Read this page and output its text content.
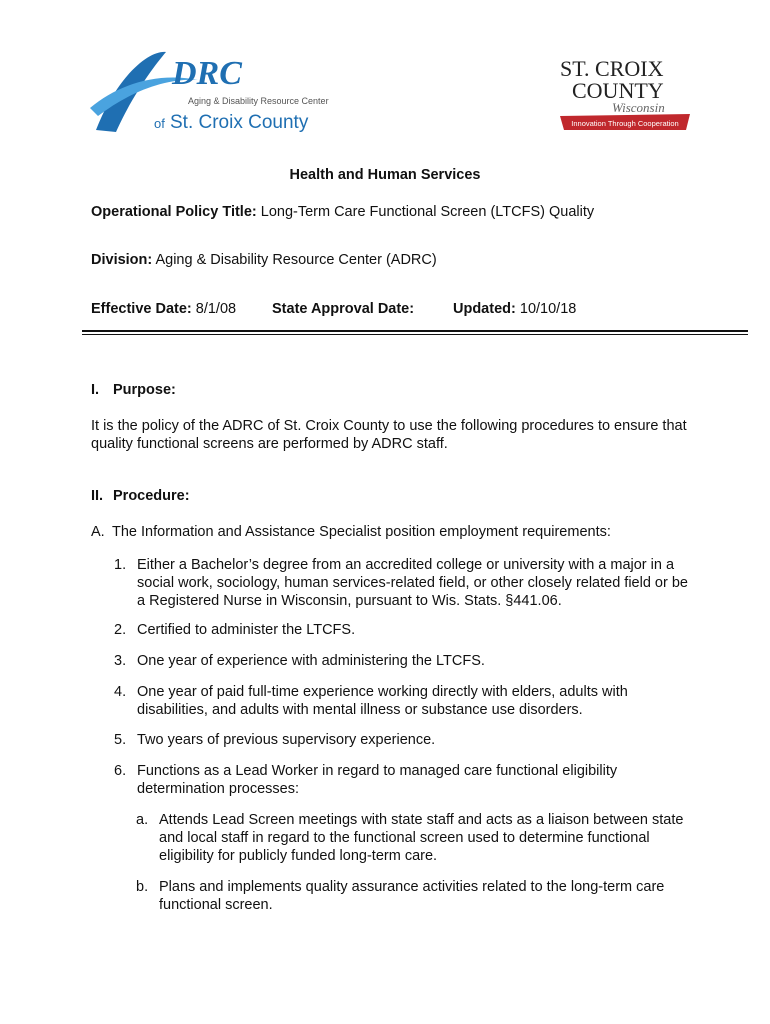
DRC
Aging & Disability Resource Center
of St. Croix County
ST. CROIX
COUNTY
Wisconsin
Innovation Through Cooperation
Health and Human Services
Operational Policy Title: Long-Term Care Functional Screen (LTCFS) Quality
Division: Aging & Disability Resource Center (ADRC)
Effective Date: 8/1/08 State Approval Date:	Updated: 10/10/18
I. Purpose:
It is the policy of the ADRC of St. Croix County to use the following procedures to ensure that quality functional screens are performed by ADRC staff.
II. Procedure:
A. The Information and Assistance Specialist position employment requirements:
1. Either a Bachelor’s degree from an accredited college or university with a major in a social work, sociology, human services-related field, or other closely related field or be a Registered Nurse in Wisconsin, pursuant to Wis. Stats. §441.06.
2. Certified to administer the LTCFS.
3. One year of experience with administering the LTCFS.
4. One year of paid full-time experience working directly with elders, adults with disabilities, and adults with mental illness or substance use disorders.
5. Two years of previous supervisory experience.
6. Functions as a Lead Worker in regard to managed care functional eligibility determination processes:
a. Attends Lead Screen meetings with state staff and acts as a liaison between state and local staff in regard to the functional screen used to determine functional eligibility for publicly funded long-term care.
b. Plans and implements quality assurance activities related to the long-term care functional screen.
